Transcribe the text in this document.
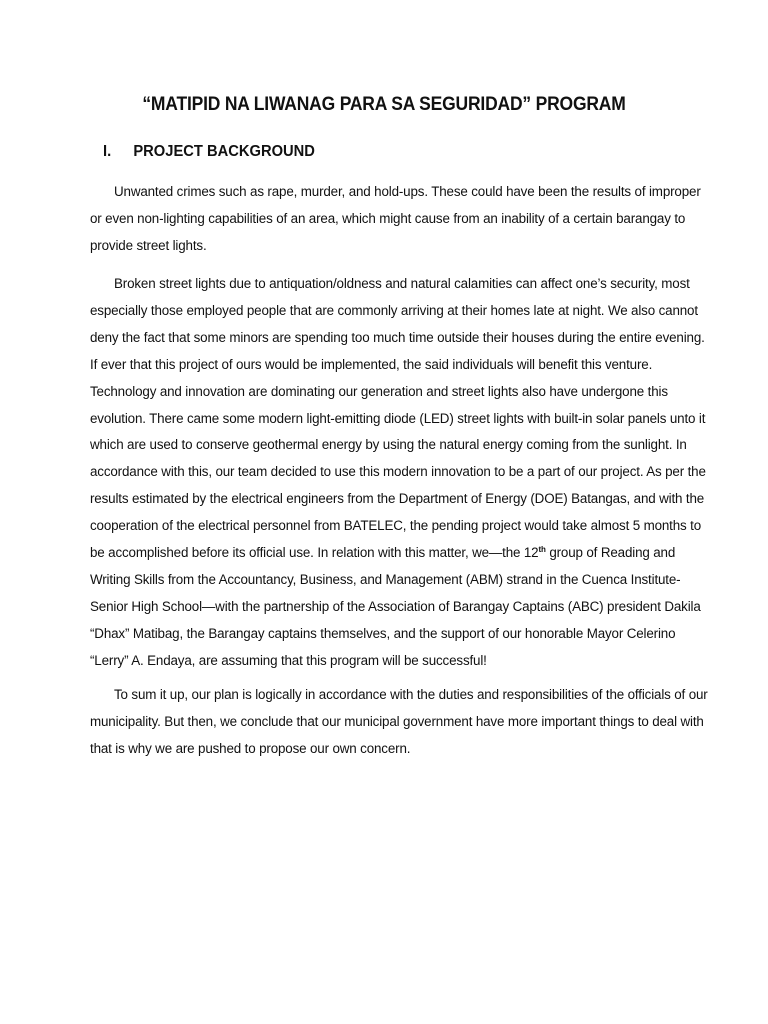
“MATIPID NA LIWANAG PARA SA SEGURIDAD” PROGRAM
I. PROJECT BACKGROUND
Unwanted crimes such as rape, murder, and hold-ups. These could have been the results of improper
or even non-lighting capabilities of an area, which might cause from an inability of a certain barangay to
provide street lights.
Broken street lights due to antiquation/oldness and natural calamities can affect one’s security, most
especially those employed people that are commonly arriving at their homes late at night. We also cannot
deny the fact that some minors are spending too much time outside their houses during the entire evening.
If ever that this project of ours would be implemented, the said individuals will benefit this venture.
Technology and innovation are dominating our generation and street lights also have undergone this
evolution. There came some modern light-emitting diode (LED) street lights with built-in solar panels unto it
which are used to conserve geothermal energy by using the natural energy coming from the sunlight. In
accordance with this, our team decided to use this modern innovation to be a part of our project. As per the
results estimated by the electrical engineers from the Department of Energy (DOE) Batangas, and with the
cooperation of the electrical personnel from BATELEC, the pending project would take almost 5 months to
be accomplished before its official use. In relation with this matter, we—the 12th group of Reading and
Writing Skills from the Accountancy, Business, and Management (ABM) strand in the Cuenca Institute-
Senior High School—with the partnership of the Association of Barangay Captains (ABC) president Dakila
“Dhax” Matibag, the Barangay captains themselves, and the support of our honorable Mayor Celerino
“Lerry” A. Endaya, are assuming that this program will be successful!
To sum it up, our plan is logically in accordance with the duties and responsibilities of the officials of our
municipality. But then, we conclude that our municipal government have more important things to deal with
that is why we are pushed to propose our own concern.
